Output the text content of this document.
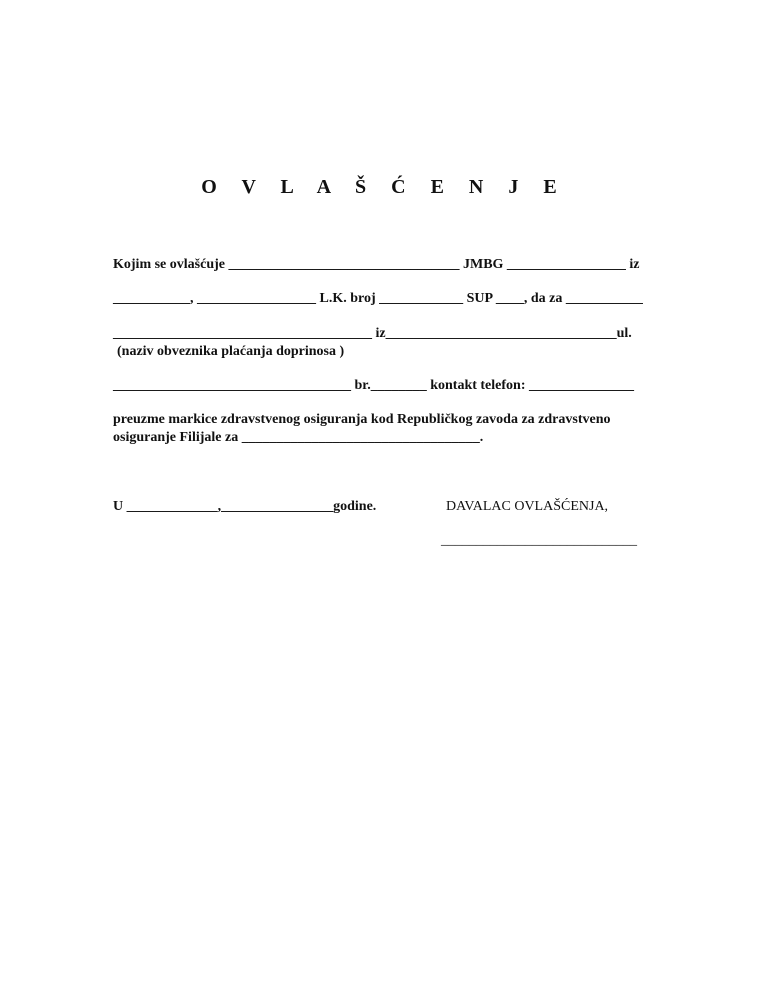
O V L A Š Ć E N J E
Kojim se ovlašćuje _________________________________ JMBG _________________ iz
___________, _________________ L.K. broj ____________ SUP ____, da za ___________
_____________________________________ iz_________________________________ul.
(naziv obveznika plaćanja doprinosa )
__________________________________ br.________ kontakt telefon: _______________
preuzme markice zdravstvenog osiguranja kod Republičkog zavoda za zdravstveno
osiguranje Filijale za __________________________________.
U _____________,________________godine.	DAVALAC OVLAŠĆENJA,
____________________________
